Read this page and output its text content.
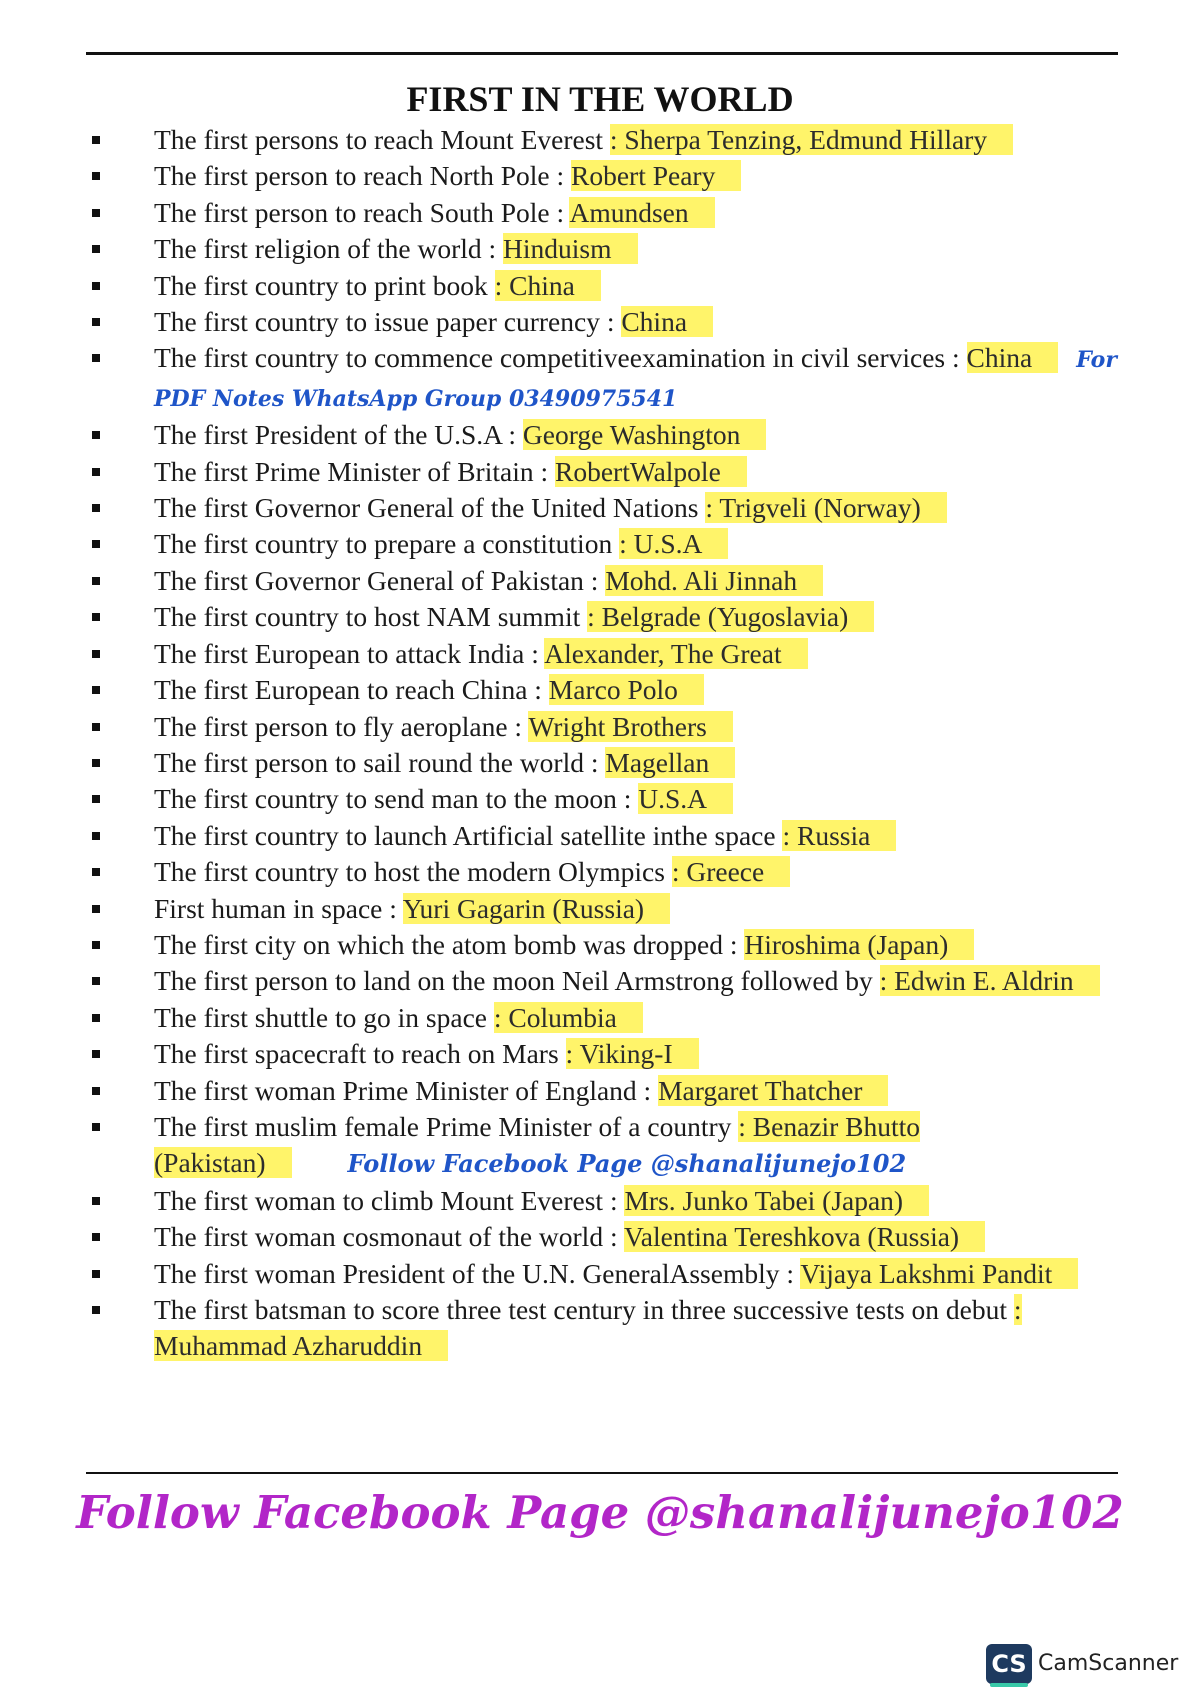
FIRST IN THE WORLD
The first persons to reach Mount Everest : Sherpa Tenzing, Edmund Hillary
The first person to reach North Pole : Robert Peary
The first person to reach South Pole : Amundsen
The first religion of the world : Hinduism
The first country to print book : China
The first country to issue paper currency : China
The first country to commence competitiveexamination in civil services : China For PDF Notes WhatsApp Group 03490975541
The first President of the U.S.A : George Washington
The first Prime Minister of Britain : RobertWalpole
The first Governor General of the United Nations : Trigveli (Norway)
The first country to prepare a constitution : U.S.A
The first Governor General of Pakistan : Mohd. Ali Jinnah
The first country to host NAM summit : Belgrade (Yugoslavia)
The first European to attack India : Alexander, The Great
The first European to reach China : Marco Polo
The first person to fly aeroplane : Wright Brothers
The first person to sail round the world : Magellan
The first country to send man to the moon : U.S.A
The first country to launch Artificial satellite inthe space : Russia
The first country to host the modern Olympics : Greece
First human in space : Yuri Gagarin (Russia)
The first city on which the atom bomb was dropped : Hiroshima (Japan)
The first person to land on the moon Neil Armstrong followed by : Edwin E. Aldrin
The first shuttle to go in space : Columbia
The first spacecraft to reach on Mars : Viking-I
The first woman Prime Minister of England : Margaret Thatcher
The first muslim female Prime Minister of a country : Benazir Bhutto (Pakistan)	Follow Facebook Page @shanalijunejo102
The first woman to climb Mount Everest : Mrs. Junko Tabei (Japan)
The first woman cosmonaut of the world : Valentina Tereshkova (Russia)
The first woman President of the U.N. GeneralAssembly : Vijaya Lakshmi Pandit
The first batsman to score three test century in three successive tests on debut : Muhammad Azharuddin
Follow Facebook Page @shanalijunejo102
CS CamScanner
